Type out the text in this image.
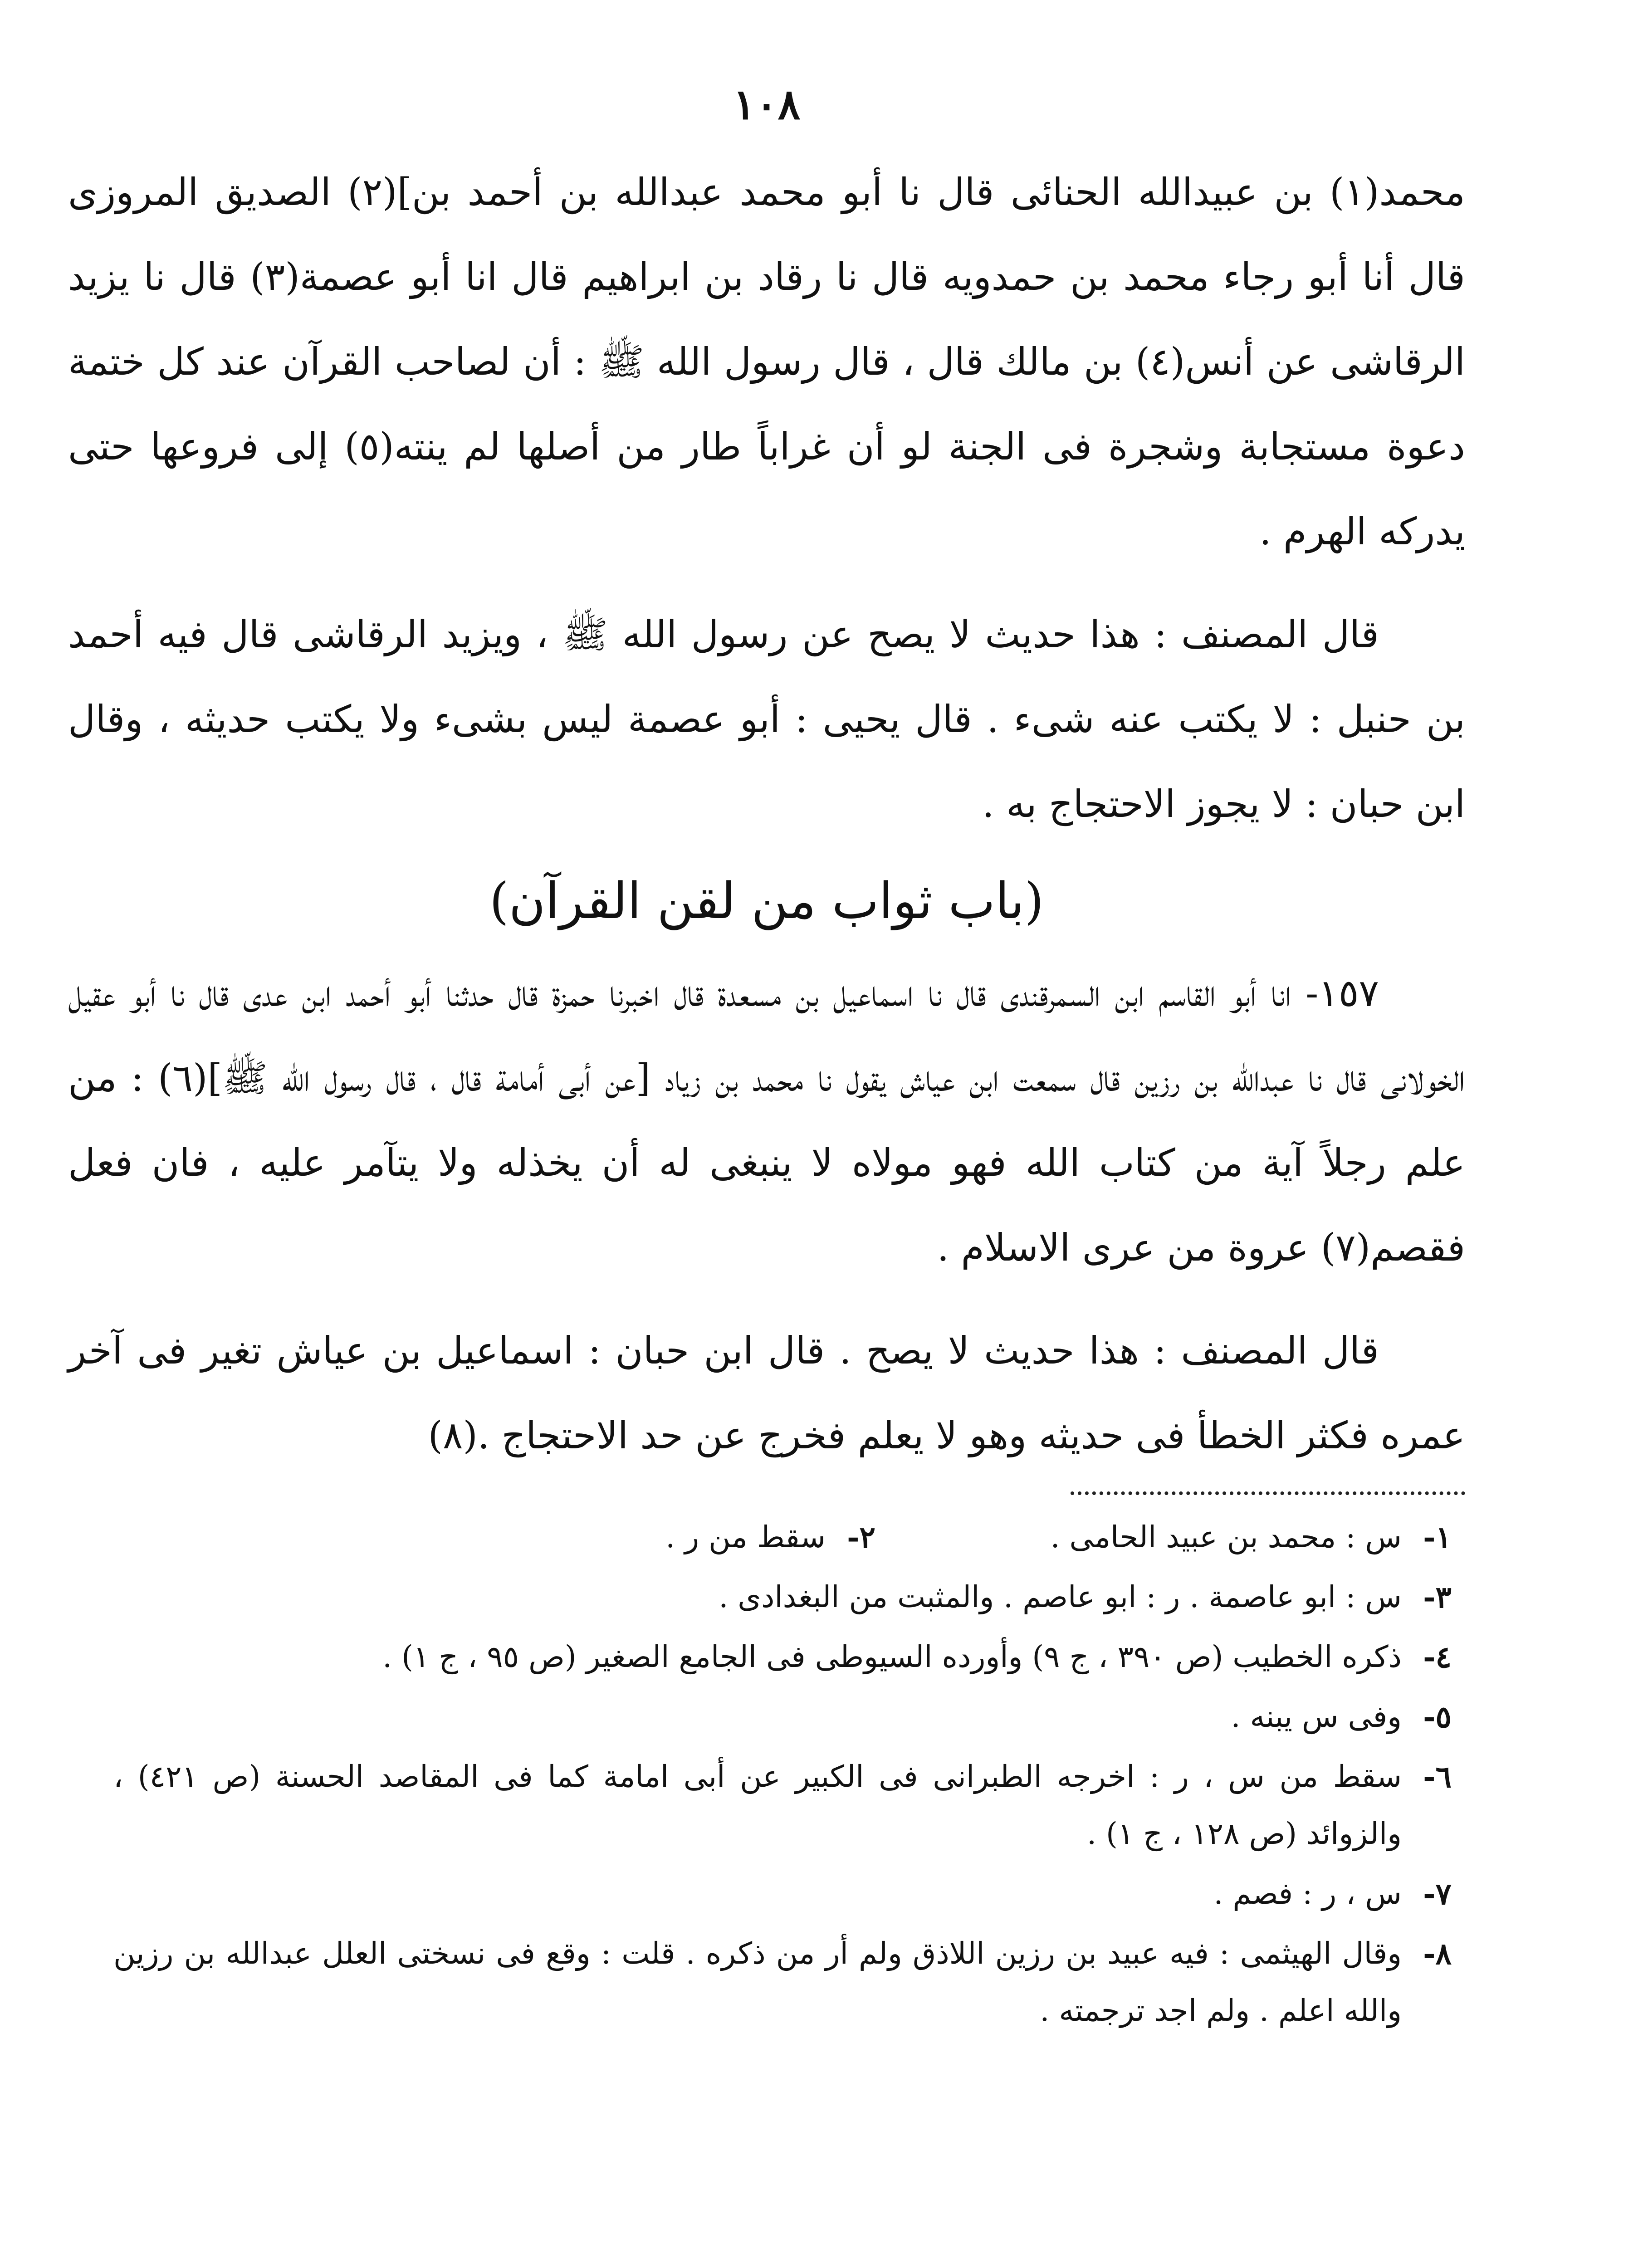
١٠٨

محمد(١) بن عبيدالله الحنائى قال نا أبو محمد عبدالله بن أحمد بن](٢) الصديق المروزى قال أنا أبو رجاء محمد بن حمدويه قال نا رقاد بن ابراهيم قال انا أبو عصمة(٣) قال نا يزيد الرقاشى عن أنس(٤) بن مالك قال ، قال رسول الله ﷺ : أن لصاحب القرآن عند كل ختمة دعوة مستجابة وشجرة فى الجنة لو أن غراباً طار من أصلها لم ينته(٥) إلى فروعها حتى يدركه الهرم .

قال المصنف : هذا حديث لا يصح عن رسول الله ﷺ ، ويزيد الرقاشى قال فيه أحمد بن حنبل : لا يكتب عنه شىء . قال يحيى : أبو عصمة ليس بشىء ولا يكتب حديثه ، وقال ابن حبان : لا يجوز الاحتجاج به .

(باب ثواب من لقن القرآن)

١٥٧- انا أبو القاسم ابن السمرقندى قال نا اسماعيل بن مسعدة قال اخبرنا حمزة قال حدثنا أبو أحمد ابن عدى قال نا أبو عقيل الخولانى قال نا عبدالله بن رزين قال سمعت ابن عياش يقول نا محمد بن زياد [عن أبى أمامة قال ، قال رسول الله ﷺ](٦) : من علم رجلاً آية من كتاب الله فهو مولاه لا ينبغى له أن يخذله ولا يتآمر عليه ، فان فعل فقصم(٧) عروة من عرى الاسلام .

قال المصنف : هذا حديث لا يصح . قال ابن حبان : اسماعيل بن عياش تغير فى آخر عمره فكثر الخطأ فى حديثه وهو لا يعلم فخرج عن حد الاحتجاج .(٨)

١-
س : محمد بن عبيد الحامى .
٢-
سقط من ر .
٣-
س : ابو عاصمة . ر : ابو عاصم . والمثبت من البغدادى .
٤-
ذكره الخطيب (ص ٣٩٠ ، ج ٩) وأورده السيوطى فى الجامع الصغير (ص ٩٥ ، ج ١) .
٥-
وفى س يبنه .
٦-
سقط من س ، ر : اخرجه الطبرانى فى الكبير عن أبى امامة كما فى المقاصد الحسنة (ص ٤٢١) ، والزوائد (ص ١٢٨ ، ج ١) .
٧-
س ، ر : فصم .
٨-
وقال الهيثمى : فيه عبيد بن رزين اللاذق ولم أر من ذكره . قلت : وقع فى نسختى العلل عبدالله بن رزين والله اعلم . ولم اجد ترجمته .
